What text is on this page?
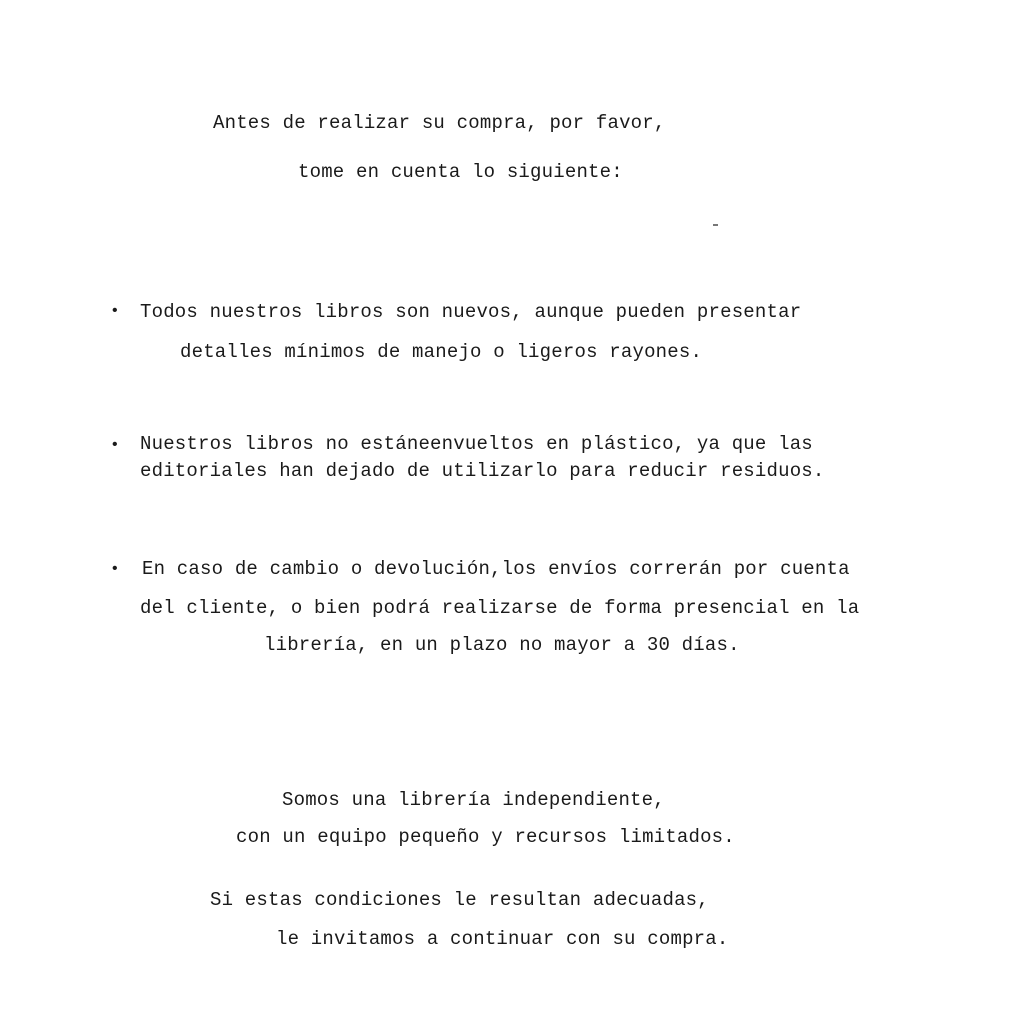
Antes de realizar su compra, por favor,
tome en cuenta lo siguiente:
• Todos nuestros libros son nuevos, aunque pueden presentar
detalles mínimos de manejo o ligeros rayones.
• Nuestros libros no estáneenvueltos en plástico, ya que las
editoriales han dejado de utilizarlo para reducir residuos.
• En caso de cambio o devolución,los envíos correrán por cuenta
del cliente, o bien podrá realizarse de forma presencial en la
librería, en un plazo no mayor a 30 días.
Somos una librería independiente,
con un equipo pequeño y recursos limitados.
Si estas condiciones le resultan adecuadas,
le invitamos a continuar con su compra.
